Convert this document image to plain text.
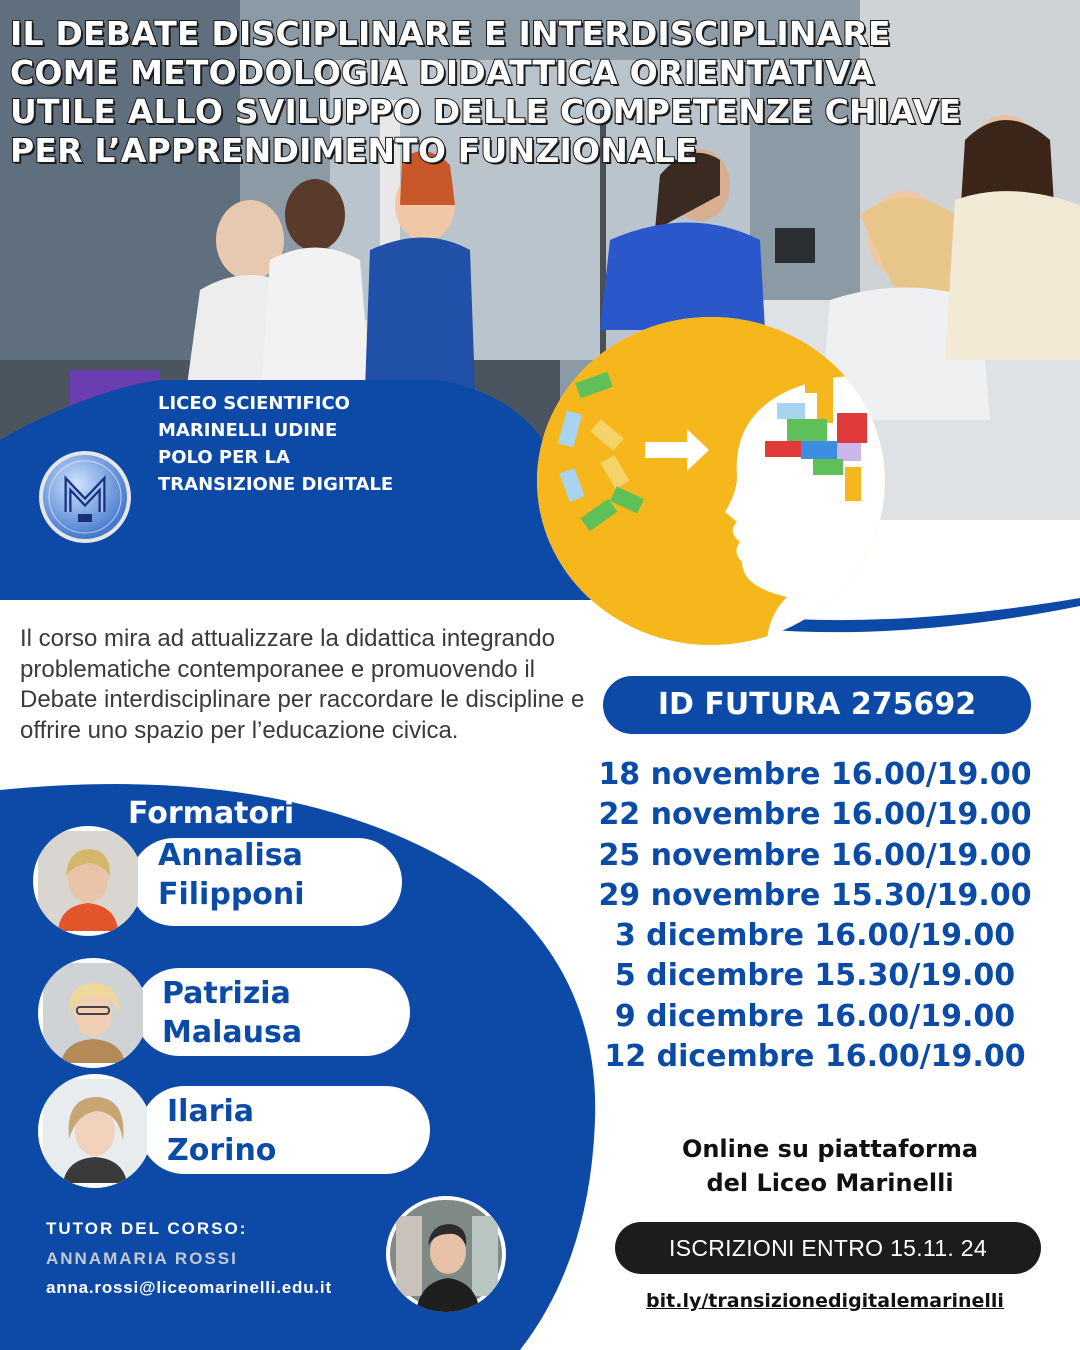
IL DEBATE DISCIPLINARE E INTERDISCIPLINARE
COME METODOLOGIA DIDATTICA ORIENTATIVA
UTILE ALLO SVILUPPO DELLE COMPETENZE CHIAVE
PER L’APPRENDIMENTO FUNZIONALE
LICEO SCIENTIFICO
MARINELLI UDINE
POLO PER LA
TRANSIZIONE DIGITALE

Il corso mira ad attualizzare la didattica integrando problematiche contemporanee e promuovendo il Debate interdisciplinare per raccordare le discipline e offrire uno spazio per l’educazione civica.

ID FUTURA 275692
18 novembre 16.00/19.00
22 novembre 16.00/19.00
25 novembre 16.00/19.00
29 novembre 15.30/19.00
3 dicembre 16.00/19.00
5 dicembre 15.30/19.00
9 dicembre 16.00/19.00
12 dicembre 16.00/19.00
Formatori
Annalisa
Filipponi
Patrizia
Malausa
Ilaria
Zorino

TUTOR DEL CORSO:

ANNAMARIA ROSSI

anna.rossi@liceomarinelli.edu.it

Online su piattaforma
del Liceo Marinelli
ISCRIZIONI ENTRO 15.11. 24
bit.ly/transizionedigitalemarinelli
